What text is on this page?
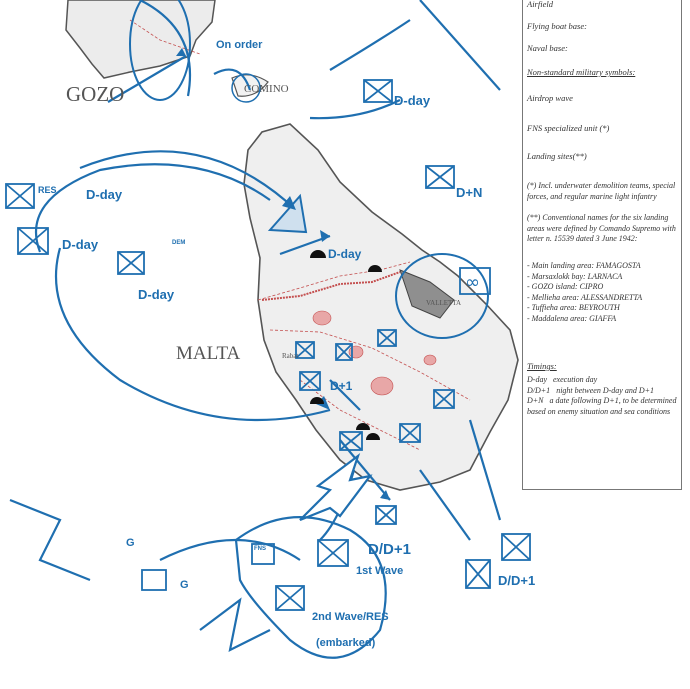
∞
GOZO	COMINO
MALTA
VALLETTA
Rabat
On order
D-day
D-day
D-day
D-day
D-day
D+N
D+1
D/D+1
D/D+1
RES
1st Wave
2nd Wave/RES
(embarked)
FNS
G
G
DEM
Airfield
Flying boat base:
Naval base:
Non-standard military symbols:
Airdrop wave
FNS specialized unit (*)
Landing sites(**)
(*) Incl. underwater demolition teams, special forces, and regular marine light infantry
(**) Conventional names for the six landing areas were defined by Comando Supremo with letter n. 15539 dated 3 June 1942:
- Main landing area: FAMAGOSTA
- Marsaxlokk bay: LARNACA
- GOZO island: CIPRO
- Mellieha area: ALESSANDRETTA
- Tuffieha area: BEYROUTH
- Maddalena area: GIAFFA
Timings:
D-day execution day
D/D+1 night between D-day and D+1
D+N a date following D+1, to be determined based on enemy situation and sea conditions
